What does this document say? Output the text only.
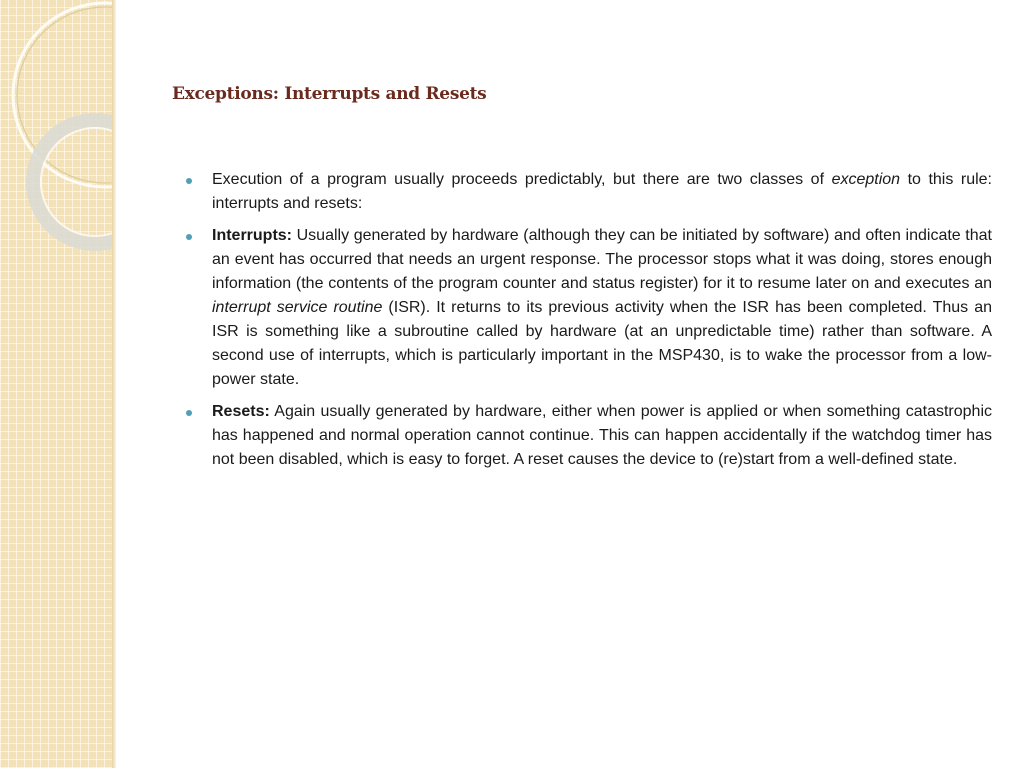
Exceptions: Interrupts and Resets
Execution of a program usually proceeds predictably, but there are two classes of exception to this rule: interrupts and resets:
Interrupts: Usually generated by hardware (although they can be initiated by software) and often indicate that an event has occurred that needs an urgent response. The processor stops what it was doing, stores enough information (the contents of the program counter and status register) for it to resume later on and executes an interrupt service routine (ISR). It returns to its previous activity when the ISR has been completed. Thus an ISR is something like a subroutine called by hardware (at an unpredictable time) rather than software. A second use of interrupts, which is particularly important in the MSP430, is to wake the processor from a low-power state.
Resets: Again usually generated by hardware, either when power is applied or when something catastrophic has happened and normal operation cannot continue. This can happen accidentally if the watchdog timer has not been disabled, which is easy to forget. A reset causes the device to (re)start from a well-defined state.
